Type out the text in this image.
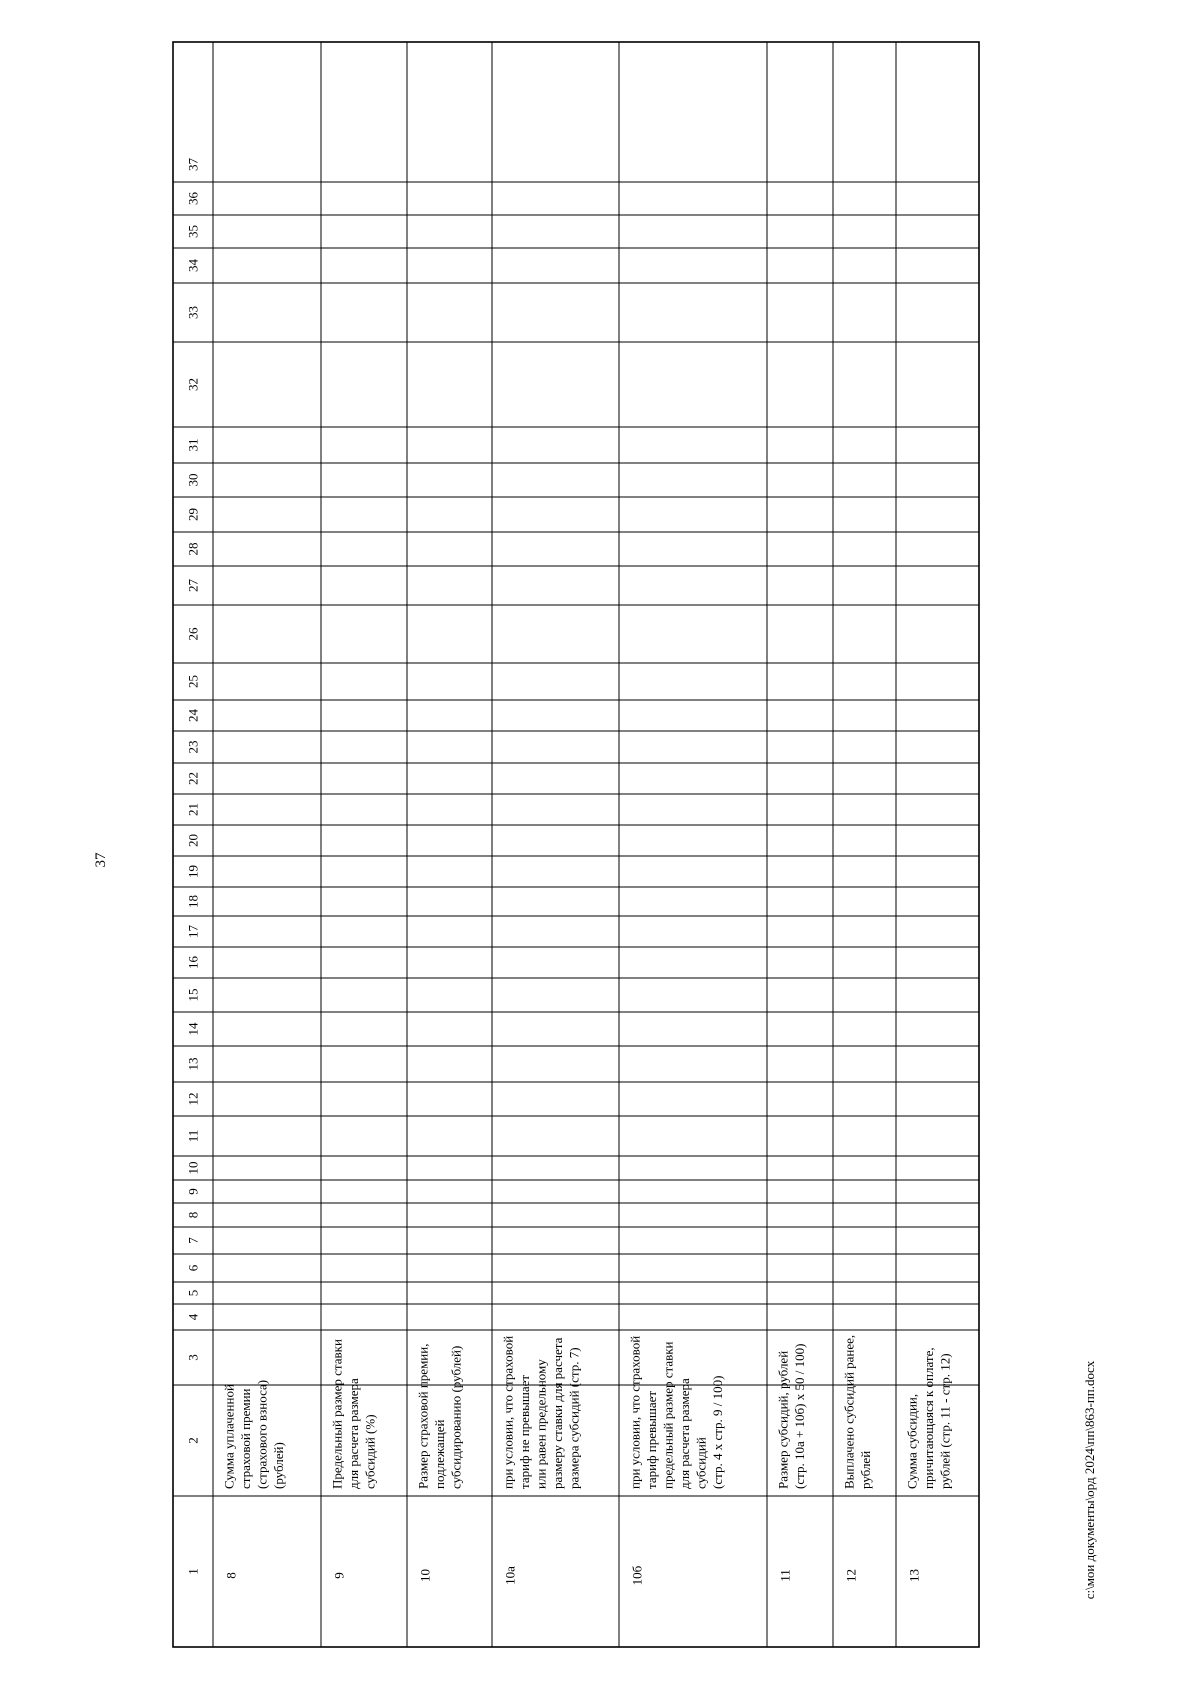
37
1
2
3
4
5
6
7
8
9
10
11
12
13
14
15
16
17
18
19
20
21
22
23
24
25
26
27
28
29
30
31
32
33
34
35
36
37
8
Сумма уплаченной страховой премии (страхового взноса) (рублей)
9
Предельный размер ставки для расчета размера субсидий (%)
10
Размер страховой премии, подлежащей субсидированию (рублей)
10а
при условии, что страховой тариф не превышает или равен предельному размеру ставки для расчета размера субсидий (стр. 7)
10б
при условии, что страховой тариф превышает предельный размер ставки для расчета размера субсидий (стр. 4 x стр. 9 / 100)
11
Размер субсидий, рублей (стр. 10а + 10б) x 50 / 100)
12
Выплачено субсидий ранее, рублей
13
Сумма субсидии, причитающаяся к оплате, рублей (стр. 11 - стр. 12)	c:\мои документы\орд 2024\пп\863-пп.docx
